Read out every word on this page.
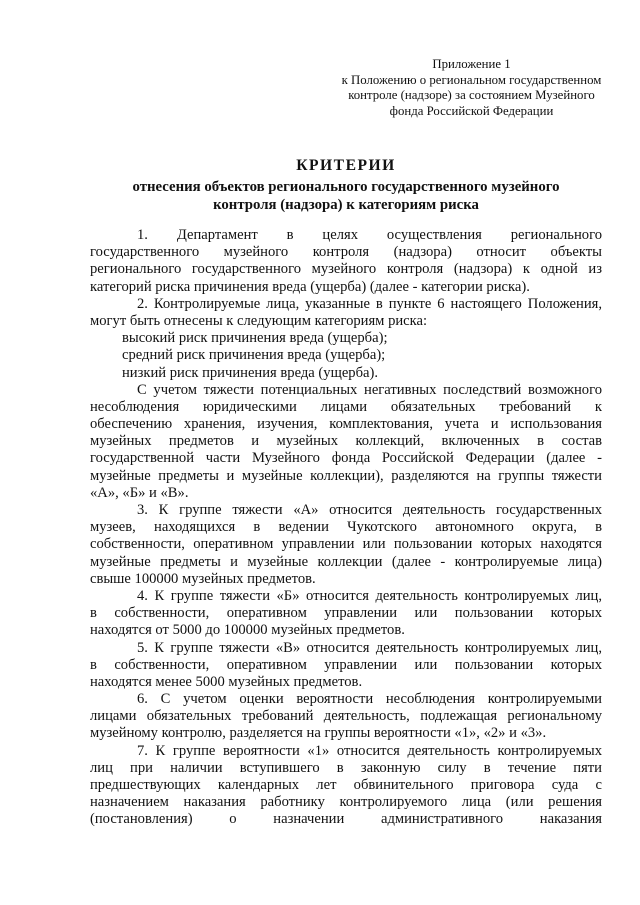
Приложение 1
к Положению о региональном государственном
контроле (надзоре) за состоянием Музейного
фонда Российской Федерации
КРИТЕРИИ
отнесения объектов регионального государственного музейного
контроля (надзора) к категориям риска
1. Департамент в целях осуществления регионального
государственного музейного контроля (надзора) относит объекты
регионального государственного музейного контроля (надзора) к одной из
категорий риска причинения вреда (ущерба) (далее - категории риска).
2. Контролируемые лица, указанные в пункте 6 настоящего Положения,
могут быть отнесены к следующим категориям риска:
высокий риск причинения вреда (ущерба);
средний риск причинения вреда (ущерба);
низкий риск причинения вреда (ущерба).
С учетом тяжести потенциальных негативных последствий возможного
несоблюдения юридическими лицами обязательных требований к
обеспечению хранения, изучения, комплектования, учета и использования
музейных предметов и музейных коллекций, включенных в состав
государственной части Музейного фонда Российской Федерации (далее -
музейные предметы и музейные коллекции), разделяются на группы тяжести
«А», «Б» и «В».
3. К группе тяжести «А» относится деятельность государственных
музеев, находящихся в ведении Чукотского автономного округа, в
собственности, оперативном управлении или пользовании которых находятся
музейные предметы и музейные коллекции (далее - контролируемые лица)
свыше 100000 музейных предметов.
4. К группе тяжести «Б» относится деятельность контролируемых лиц,
в собственности, оперативном управлении или пользовании которых
находятся от 5000 до 100000 музейных предметов.
5. К группе тяжести «В» относится деятельность контролируемых лиц,
в собственности, оперативном управлении или пользовании которых
находятся менее 5000 музейных предметов.
6. С учетом оценки вероятности несоблюдения контролируемыми
лицами обязательных требований деятельность, подлежащая региональному
музейному контролю, разделяется на группы вероятности «1», «2» и «3».
7. К группе вероятности «1» относится деятельность контролируемых
лиц при наличии вступившего в законную силу в течение пяти
предшествующих календарных лет обвинительного приговора суда с
назначением наказания работнику контролируемого лица (или решения
(постановления) о назначении административного наказания
